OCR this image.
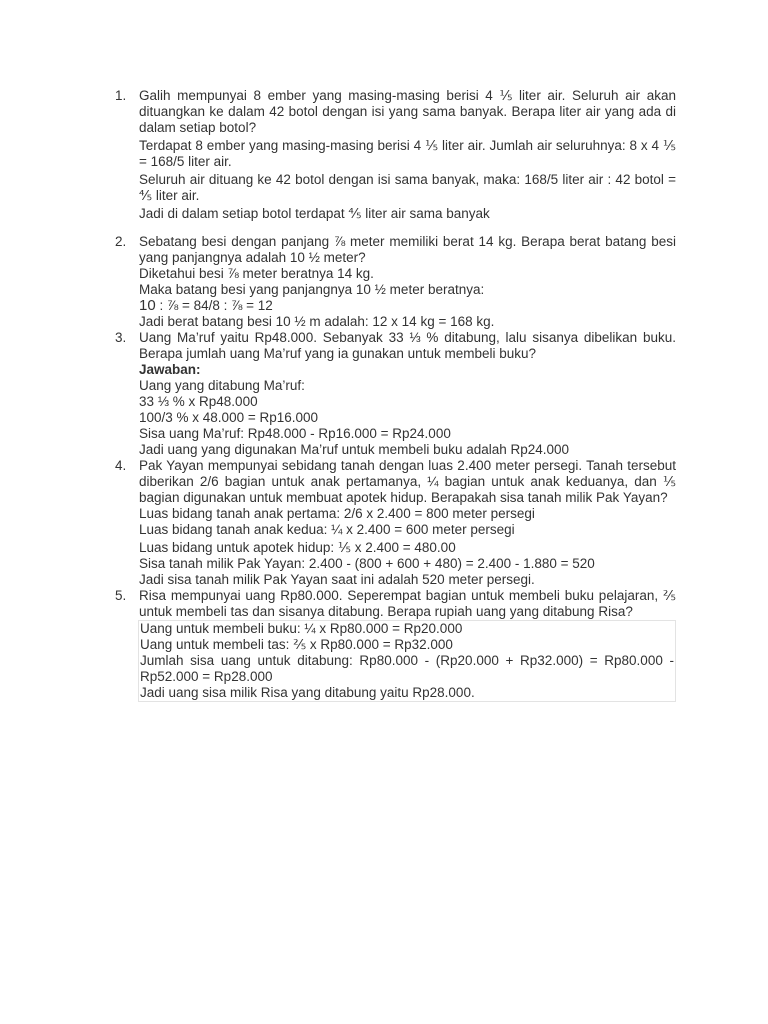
1. Galih mempunyai 8 ember yang masing-masing berisi 4 ⅕ liter air. Seluruh air akan dituangkan ke dalam 42 botol dengan isi yang sama banyak. Berapa liter air yang ada di dalam setiap botol?

Terdapat 8 ember yang masing-masing berisi 4 ⅕ liter air. Jumlah air seluruhnya: 8 x 4 ⅕ = 168/5 liter air.

Seluruh air dituang ke 42 botol dengan isi sama banyak, maka: 168/5 liter air : 42 botol = ⅘ liter air.

Jadi di dalam setiap botol terdapat ⅘ liter air sama banyak

2. Sebatang besi dengan panjang ⅞ meter memiliki berat 14 kg. Berapa berat batang besi yang panjangnya adalah 10 ½ meter?

Diketahui besi ⅞ meter beratnya 14 kg.

Maka batang besi yang panjangnya 10 ½ meter beratnya:

10 : ⅞ = 84/8 : ⅞ = 12

Jadi berat batang besi 10 ½ m adalah: 12 x 14 kg = 168 kg.

3. Uang Ma’ruf yaitu Rp48.000. Sebanyak 33 ⅓ % ditabung, lalu sisanya dibelikan buku. Berapa jumlah uang Ma’ruf yang ia gunakan untuk membeli buku?

Jawaban:

Uang yang ditabung Ma’ruf:

33 ⅓ % x Rp48.000

100/3 % x 48.000 = Rp16.000

Sisa uang Ma’ruf: Rp48.000 - Rp16.000 = Rp24.000

Jadi uang yang digunakan Ma’ruf untuk membeli buku adalah Rp24.000

4. Pak Yayan mempunyai sebidang tanah dengan luas 2.400 meter persegi. Tanah tersebut diberikan 2/6 bagian untuk anak pertamanya, ¼ bagian untuk anak keduanya, dan ⅕ bagian digunakan untuk membuat apotek hidup. Berapakah sisa tanah milik Pak Yayan?

Luas bidang tanah anak pertama: 2/6 x 2.400 = 800 meter persegi

Luas bidang tanah anak kedua: ¼ x 2.400 = 600 meter persegi

Luas bidang untuk apotek hidup: ⅕ x 2.400 = 480.00

Sisa tanah milik Pak Yayan: 2.400 - (800 + 600 + 480) = 2.400 - 1.880 = 520

Jadi sisa tanah milik Pak Yayan saat ini adalah 520 meter persegi.

5. Risa mempunyai uang Rp80.000. Seperempat bagian untuk membeli buku pelajaran, ⅖ untuk membeli tas dan sisanya ditabung. Berapa rupiah uang yang ditabung Risa?

Uang untuk membeli buku: ¼ x Rp80.000 = Rp20.000

Uang untuk membeli tas: ⅖ x Rp80.000 = Rp32.000

Jumlah sisa uang untuk ditabung: Rp80.000 - (Rp20.000 + Rp32.000) = Rp80.000 - Rp52.000 = Rp28.000

Jadi uang sisa milik Risa yang ditabung yaitu Rp28.000.
